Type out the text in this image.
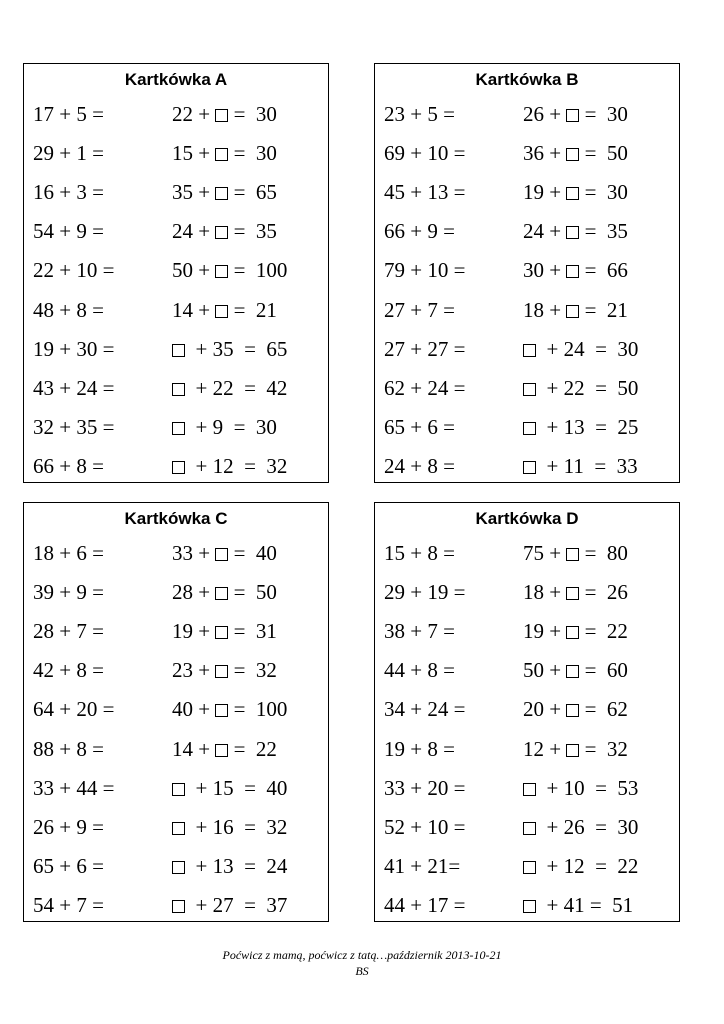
Kartkówka A
17 + 5 =	22 +  =  30
29 + 1 =	15 +  =  30
16 + 3 =	35 +  =  65
54 + 9 =	24 +  =  35
22 + 10 =	50 +  =  100
48 + 8 =	14 +  =  21
19 + 30 =	+ 35  =  65
43 + 24 =	+ 22  =  42
32 + 35 =	+ 9  =  30
66 + 8 =	+ 12  =  32
Kartkówka B
23 + 5 =	26 +  =  30
69 + 10 =	36 +  =  50
45 + 13 =	19 +  =  30
66 + 9 =	24 +  =  35
79 + 10 =	30 +  =  66
27 + 7 =	18 +  =  21
27 + 27 =	+ 24  =  30
62 + 24 =	+ 22  =  50
65 + 6 =	+ 13  =  25
24 + 8 =	+ 11  =  33
Kartkówka C
18 + 6 =	33 +  =  40
39 + 9 =	28 +  =  50
28 + 7 =	19 +  =  31
42 + 8 =	23 +  =  32
64 + 20 =	40 +  =  100
88 + 8 =	14 +  =  22
33 + 44 =	+ 15  =  40
26 + 9 =	+ 16  =  32
65 + 6 =	+ 13  =  24
54 + 7 =	+ 27  =  37
Kartkówka D
15 + 8 =	75 +  =  80
29 + 19 =	18 +  =  26
38 + 7 =	19 +  =  22
44 + 8 =	50 +  =  60
34 + 24 =	20 +  =  62
19 + 8 =	12 +  =  32
33 + 20 =	+ 10  =  53
52 + 10 =	+ 26  =  30
41 + 21=	+ 12  =  22
44 + 17 =	+ 41 =  51
Poćwicz z mamą, poćwicz z tatą…październik 2013-10-21
BS
